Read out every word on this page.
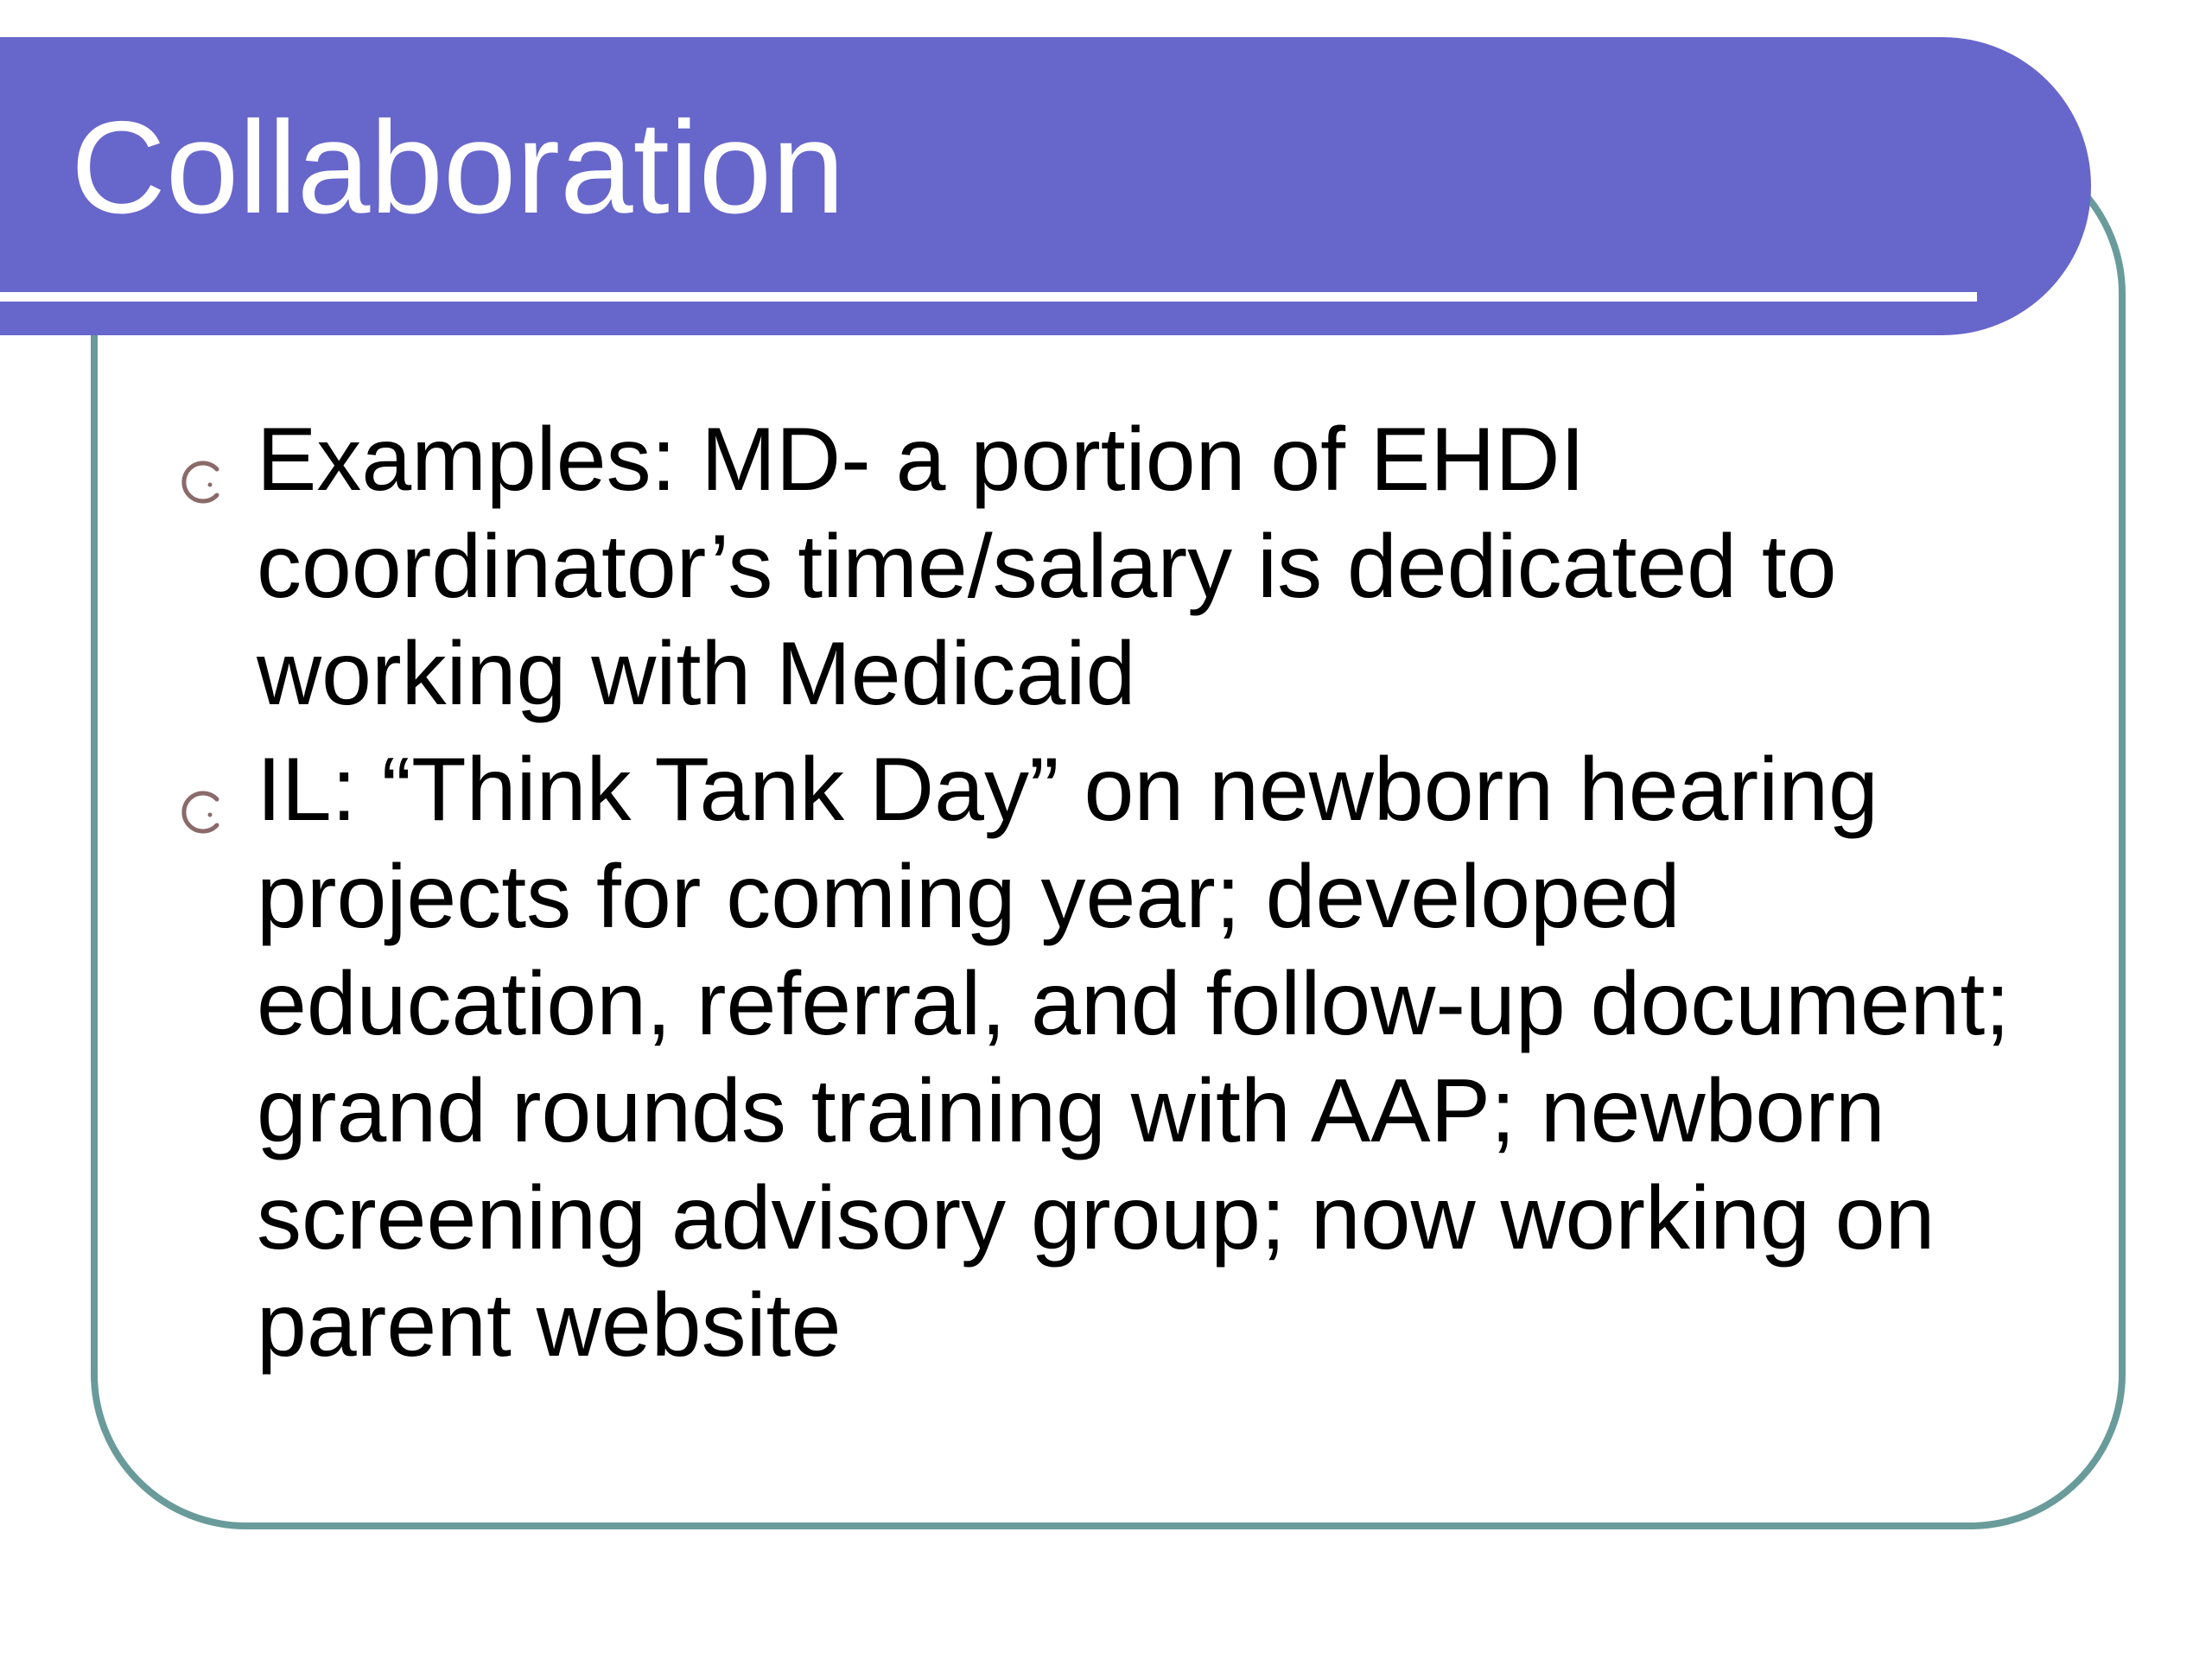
Collaboration
Examples: MD- a portion of EHDI coordinator’s time/salary is dedicated to working with Medicaid
IL: “Think Tank Day” on newborn hearing projects for coming year; developed education, referral, and follow-up document; grand rounds training with AAP; newborn screening advisory group; now working on parent website
